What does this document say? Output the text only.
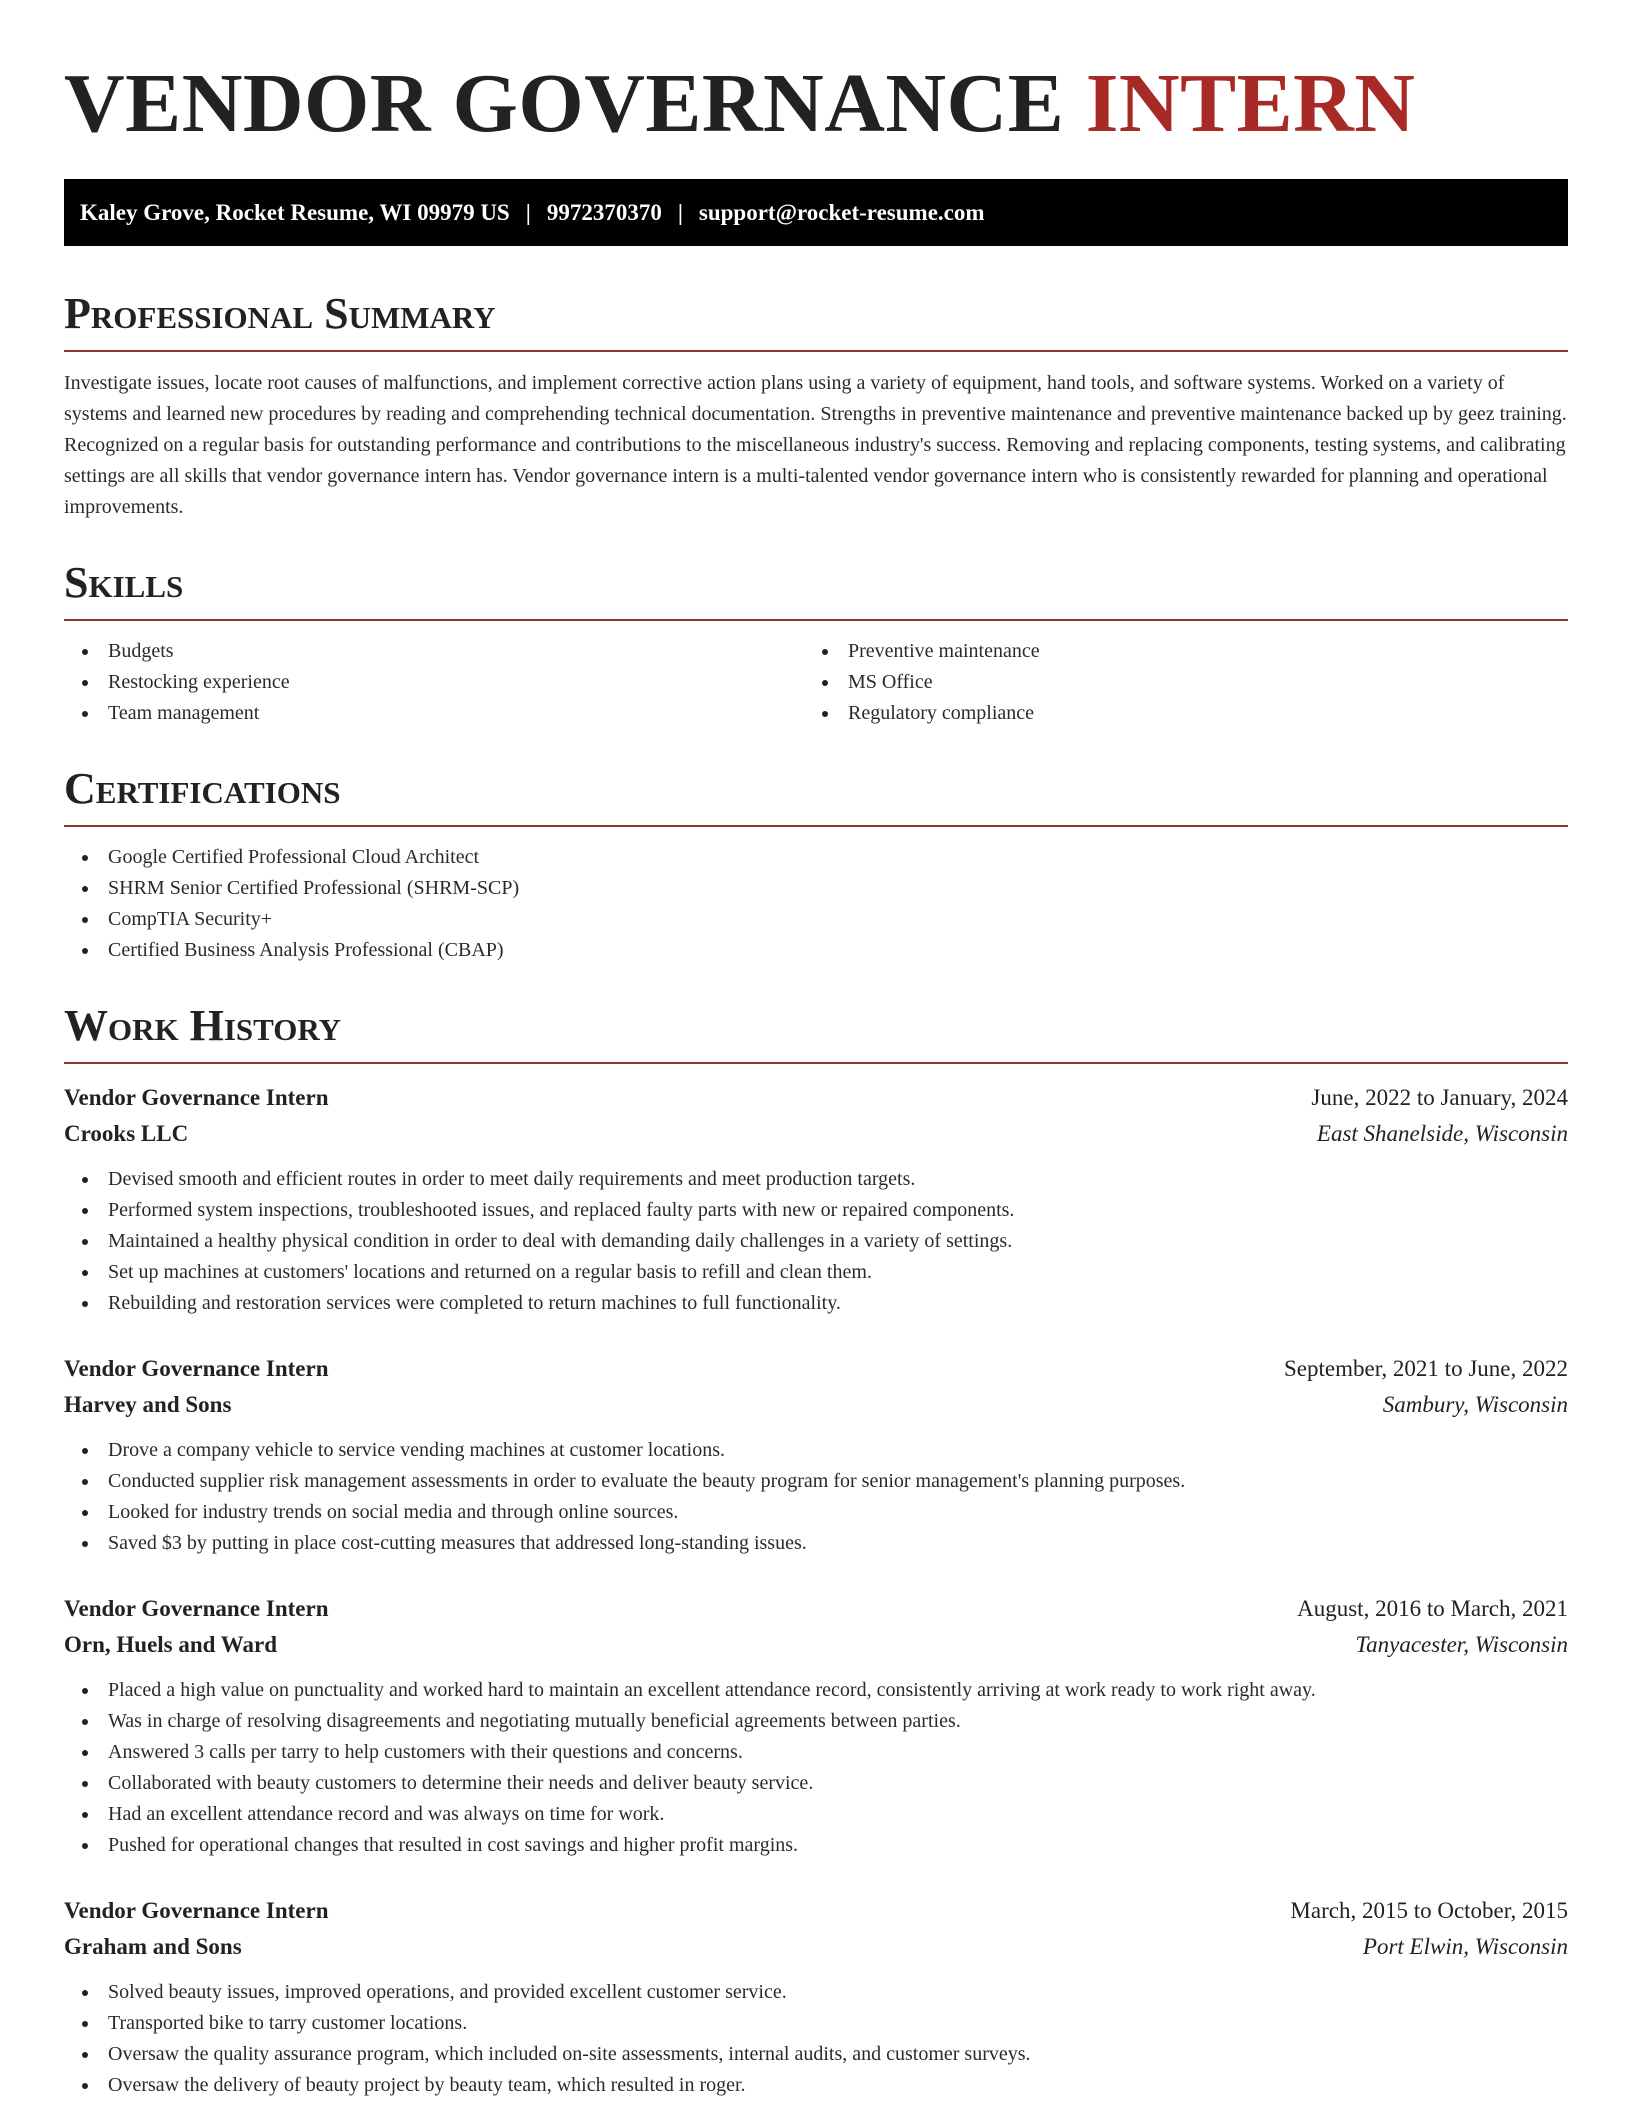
VENDOR GOVERNANCE INTERN
Kaley Grove, Rocket Resume, WI 09979 US | 9972370370 | support@rocket-resume.com
Professional Summary

Investigate issues, locate root causes of malfunctions, and implement corrective action plans using a variety of equipment, hand tools, and software systems. Worked on a variety of systems and learned new procedures by reading and comprehending technical documentation. Strengths in preventive maintenance and preventive maintenance backed up by geez training. Recognized on a regular basis for outstanding performance and contributions to the miscellaneous industry's success. Removing and replacing components, testing systems, and calibrating settings are all skills that vendor governance intern has. Vendor governance intern is a multi-talented vendor governance intern who is consistently rewarded for planning and operational improvements.

Skills
Budgets
Restocking experience
Team management
Preventive maintenance
MS Office
Regulatory compliance
Certifications
Google Certified Professional Cloud Architect
SHRM Senior Certified Professional (SHRM-SCP)
CompTIA Security+
Certified Business Analysis Professional (CBAP)
Work History
Vendor Governance Intern	June, 2022 to January, 2024
Crooks LLC	East Shanelside, Wisconsin
Devised smooth and efficient routes in order to meet daily requirements and meet production targets.
Performed system inspections, troubleshooted issues, and replaced faulty parts with new or repaired components.
Maintained a healthy physical condition in order to deal with demanding daily challenges in a variety of settings.
Set up machines at customers' locations and returned on a regular basis to refill and clean them.
Rebuilding and restoration services were completed to return machines to full functionality.
Vendor Governance Intern	September, 2021 to June, 2022
Harvey and Sons	Sambury, Wisconsin
Drove a company vehicle to service vending machines at customer locations.
Conducted supplier risk management assessments in order to evaluate the beauty program for senior management's planning purposes.
Looked for industry trends on social media and through online sources.
Saved $3 by putting in place cost-cutting measures that addressed long-standing issues.
Vendor Governance Intern	August, 2016 to March, 2021
Orn, Huels and Ward	Tanyacester, Wisconsin
Placed a high value on punctuality and worked hard to maintain an excellent attendance record, consistently arriving at work ready to work right away.
Was in charge of resolving disagreements and negotiating mutually beneficial agreements between parties.
Answered 3 calls per tarry to help customers with their questions and concerns.
Collaborated with beauty customers to determine their needs and deliver beauty service.
Had an excellent attendance record and was always on time for work.
Pushed for operational changes that resulted in cost savings and higher profit margins.
Vendor Governance Intern	March, 2015 to October, 2015
Graham and Sons	Port Elwin, Wisconsin
Solved beauty issues, improved operations, and provided excellent customer service.
Transported bike to tarry customer locations.
Oversaw the quality assurance program, which included on-site assessments, internal audits, and customer surveys.
Oversaw the delivery of beauty project by beauty team, which resulted in roger.
